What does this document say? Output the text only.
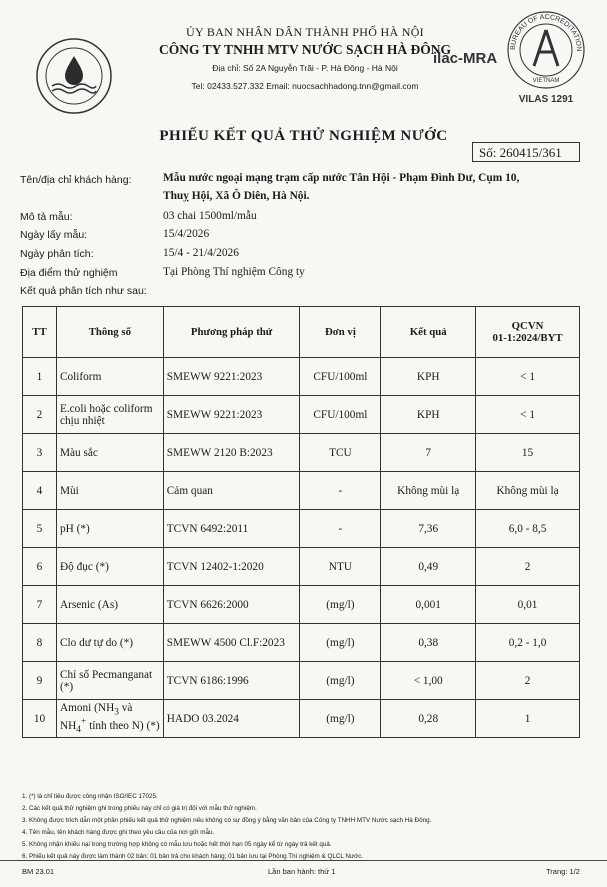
ỦY BAN NHÂN DÂN THÀNH PHỐ HÀ NỘI
CÔNG TY TNHH MTV NƯỚC SẠCH HÀ ĐÔNG
Địa chỉ: Số 2A Nguyễn Trãi - P. Hà Đông - Hà Nội
Tel: 02433.527.332 Email: nuocsachhadong.tnn@gmail.com
ilac-MRA
BUREAU OF ACCREDITATION
VIETNAM
VILAS 1291
PHIẾU KẾT QUẢ THỬ NGHIỆM NƯỚC
Số: 260415/361
Tên/địa chỉ khách hàng:	Mẫu nước ngoại mạng trạm cấp nước Tân Hội - Phạm Đình Dư, Cụm 10,
Thuỵ Hội, Xã Ô Diên, Hà Nội.
Mô tả mẫu:	03 chai 1500ml/mẫu
Ngày lấy mẫu:	15/4/2026
Ngày phân tích:	15/4 - 21/4/2026
Địa điểm thử nghiệm	Tại Phòng Thí nghiệm Công ty
Kết quả phân tích như sau:
TT	Thông số	Phương pháp thử	Đơn vị	Kết quả	QCVN
01-1:2024/BYT

1	Coliform	SMEWW 9221:2023	CFU/100ml	KPH	< 1
2	E.coli hoặc coliform chịu nhiệt	SMEWW 9221:2023	CFU/100ml	KPH	< 1
3	Màu sắc	SMEWW 2120 B:2023	TCU	7	15
4	Mùi	Cảm quan	-	Không mùi lạ	Không mùi lạ
5	pH (*)	TCVN 6492:2011	-	7,36	6,0 - 8,5
6	Độ đục (*)	TCVN 12402-1:2020	NTU	0,49	2
7	Arsenic (As)	TCVN 6626:2000	(mg/l)	0,001	0,01
8	Clo dư tự do (*)	SMEWW 4500 Cl.F:2023	(mg/l)	0,38	0,2 - 1,0
9	Chỉ số Pecmanganat (*)	TCVN 6186:1996	(mg/l)	< 1,00	2
10	Amoni ($NH_3$ và $NH_4^+$ tính theo N) (*)	HADO 03.2024	(mg/l)	0,28	1
1. (*) là chỉ tiêu được công nhận ISO/IEC 17025.
2. Các kết quả thử nghiệm ghi trong phiếu này chỉ có giá trị đối với mẫu thử nghiệm.
3. Không được trích dẫn một phần phiếu kết quả thử nghiệm nếu không có sự đồng ý bằng văn bản của Công ty TNHH MTV Nước sạch Hà Đông.
4. Tên mẫu, tên khách hàng được ghi theo yêu cầu của nơi gửi mẫu.
5. Không nhận khiếu nại trong trường hợp không có mẫu lưu hoặc hết thời hạn 05 ngày kể từ ngày trả kết quả.
6. Phiếu kết quả này được làm thành 02 bản: 01 bản trả cho khách hàng; 01 bản lưu tại Phòng Thí nghiệm & QLCL Nước.
BM 23.01	Lần ban hành: thứ 1	Trang: 1/2
